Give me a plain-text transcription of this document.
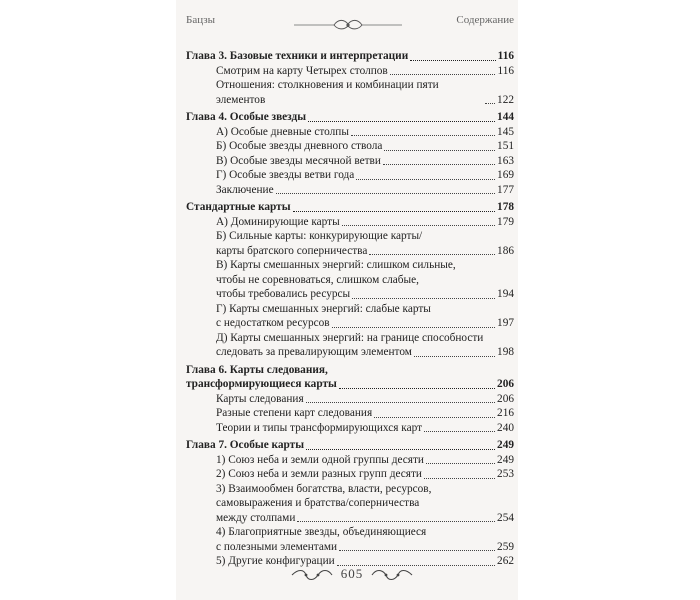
Бацзы	Содержание
Глава 3. Базовые техники и интерпретации	116
Смотрим на карту Четырех столпов	116
Отношения: столкновения и комбинации пяти элементов	122
Глава 4. Особые звезды	144
А) Особые дневные столпы	145
Б) Особые звезды дневного ствола	151
В) Особые звезды месячной ветви	163
Г) Особые звезды ветви года	169
Заключение	177
Стандартные карты	178
А) Доминирующие карты	179
Б) Сильные карты: конкурирующие карты/
карты братского соперничества	186
В) Карты смешанных энергий: слишком сильные,
чтобы не соревноваться, слишком слабые,
чтобы требовались ресурсы	194
Г) Карты смешанных энергий: слабые карты
с недостатком ресурсов	197
Д) Карты смешанных энергий: на границе способности
следовать за превалирующим элементом	198
Глава 6. Карты следования,
трансформирующиеся карты	206
Карты следования	206
Разные степени карт следования	216
Теории и типы трансформирующихся карт	240
Глава 7. Особые карты	249
1) Союз неба и земли одной группы десяти	249
2) Союз неба и земли разных групп десяти	253
3) Взаимообмен богатства, власти, ресурсов,
самовыражения и братства/соперничества
между столпами	254
4) Благоприятные звезды, объединяющиеся
с полезными элементами	259
5) Другие конфигурации	262
605
